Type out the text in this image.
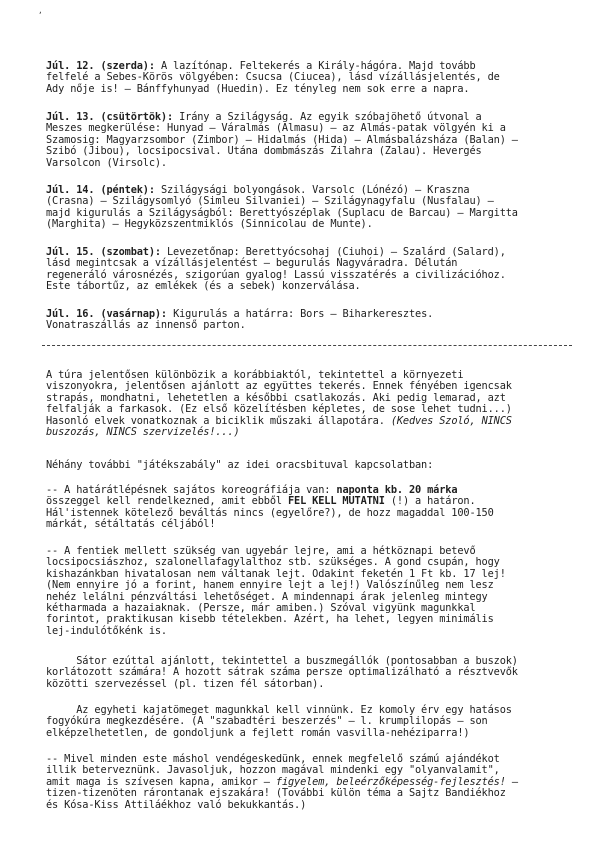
,
Júl. 12. (szerda): A lazítónap. Feltekerés a Király-hágóra. Majd tovább
felfelé a Sebes-Körös völgyében: Csucsa (Ciucea), lásd vízállásjelentés, de
Ady nője is! – Bánffyhunyad (Huedin). Ez tényleg nem sok erre a napra.
Júl. 13. (csütörtök): Irány a Szilágyság. Az egyik szóbajöhető útvonal a
Meszes megkerülése: Hunyad – Váralmás (Almasu) – az Almás-patak völgyén ki a
Szamosig: Magyarzsombor (Zimbor) – Hidalmás (Hida) – Almásbalázsháza (Balan) –
Szibó (Jibou), locsipocsival. Utána dombmászás Zilahra (Zalau). Hevergés
Varsolcon (Virsolc).
Júl. 14. (péntek): Szilágysági bolyongások. Varsolc (Lónézó) – Kraszna
(Crasna) – Szilágysomlyó (Simleu Silvaniei) – Szilágynagyfalu (Nusfalau) –
majd kigurulás a Szilágyságból: Berettyószéplak (Suplacu de Barcau) – Margitta
(Marghita) – Hegyközszentmiklós (Sinnicolau de Munte).
Júl. 15. (szombat): Levezetőnap: Berettyócsohaj (Ciuhoi) – Szalárd (Salard),
lásd megintcsak a vízállásjelentést – begurulás Nagyváradra. Délután
regeneráló városnézés, szigorúan gyalog! Lassú visszatérés a civilizációhoz.
Este tábortűz, az emlékek (és a sebek) konzerválása.
Júl. 16. (vasárnap): Kigurulás a határra: Bors – Biharkeresztes.
Vonatraszállás az innenső parton.
A túra jelentősen különbözik a korábbiaktól, tekintettel a környezeti
viszonyokra, jelentősen ajánlott az együttes tekerés. Ennek fényében igencsak
strapás, mondhatni, lehetetlen a későbbi csatlakozás. Aki pedig lemarad, azt
felfalják a farkasok. (Ez első közelítésben képletes, de sose lehet tudni...)
Hasonló elvek vonatkoznak a biciklik műszaki állapotára. (Kedves Szoló, NINCS
buszozás, NINCS szervizelés!...)
Néhány további "játékszabály" az idei oracsbituval kapcsolatban:
-- A határátlépésnek sajátos koreográfiája van: naponta kb. 20 márka
összeggel kell rendelkezned, amit ebből FEL KELL MUTATNI (!) a határon.
Hál'istennek kötelező beváltás nincs (egyelőre?), de hozz magaddal 100-150
márkát, sétáltatás céljából!
-- A fentiek mellett szükség van ugyebár lejre, ami a hétköznapi betevő
locsipocsiászhoz, szalonellafagylalthoz stb. szükséges. A gond csupán, hogy
kishazánkban hivatalosan nem váltanak lejt. Odakint feketén 1 Ft kb. 17 lej!
(Nem ennyire jó a forint, hanem ennyire lejt a lej!) Valószínűleg nem lesz
nehéz lelálni pénzváltási lehetőséget. A mindennapi árak jelenleg mintegy
kétharmada a hazaiaknak. (Persze, már amiben.) Szóval vigyünk magunkkal
forintot, praktikusan kisebb tételekben. Azért, ha lehet, legyen minimális
lej-indulótőkénk is.
Sátor ezúttal ajánlott, tekintettel a buszmegállók (pontosabban a buszok)
korlátozott számára! A hozott sátrak száma persze optimalizálható a résztvevők
közötti szervezéssel (pl. tizen fél sátorban).
Az egyheti kajatömeget magunkkal kell vinnünk. Ez komoly érv egy hatásos
fogyókúra megkezdésére. (A "szabadtéri beszerzés" – l. krumplilopás – son
elképzelhetetlen, de gondoljunk a fejlett román vasvilla-nehéziparra!)
-- Mivel minden este máshol vendégeskedünk, ennek megfelelő számú ajándékot
illik beterveznünk. Javasoljuk, hozzon magával mindenki egy "olyanvalamit",
amit maga is szívesen kapna, amikor – figyelem, beleérzőképesség-fejlesztés! –
tizen-tizenöten rárontanak ejszakára! (További külön téma a Sajtz Bandiékhoz
és Kósa-Kiss Attiláékhoz való bekukkantás.)
